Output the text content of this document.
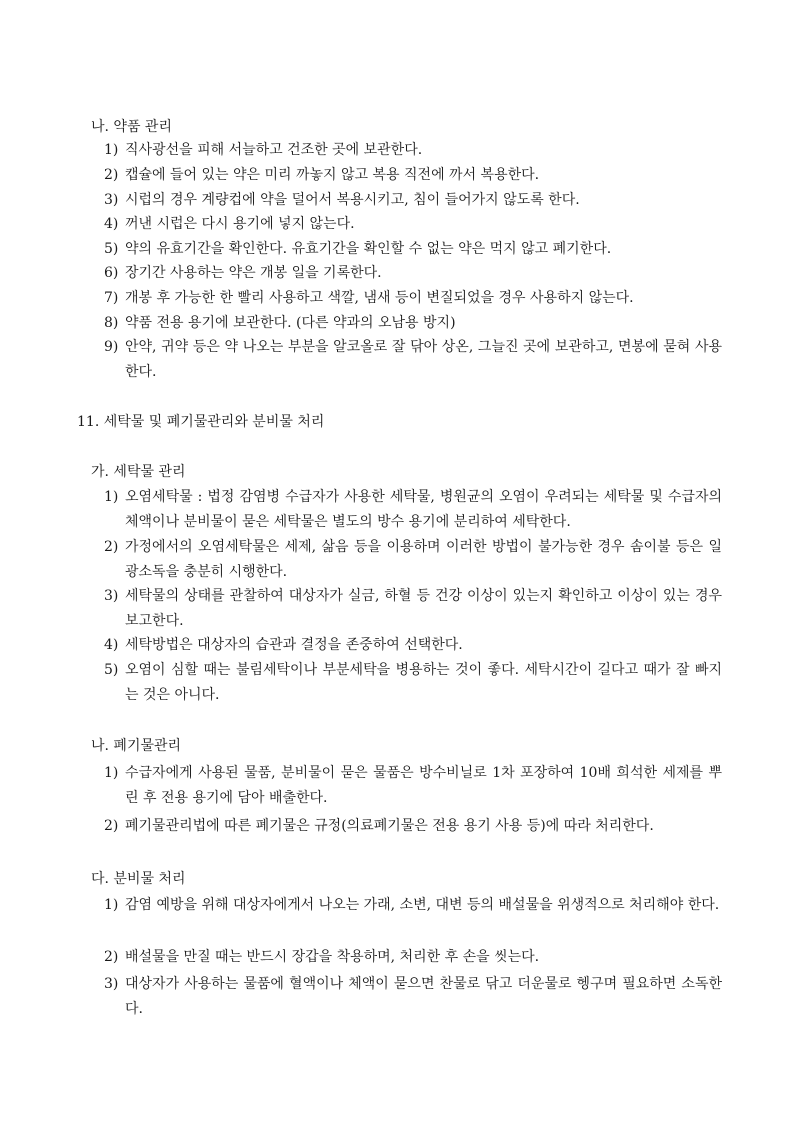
나. 약품 관리
1) 직사광선을 피해 서늘하고 건조한 곳에 보관한다.
2) 캡슐에 들어 있는 약은 미리 까놓지 않고 복용 직전에 까서 복용한다.
3) 시럽의 경우 계량컵에 약을 덜어서 복용시키고, 침이 들어가지 않도록 한다.
4) 꺼낸 시럽은 다시 용기에 넣지 않는다.
5) 약의 유효기간을 확인한다. 유효기간을 확인할 수 없는 약은 먹지 않고 폐기한다.
6) 장기간 사용하는 약은 개봉 일을 기록한다.
7) 개봉 후 가능한 한 빨리 사용하고 색깔, 냄새 등이 변질되었을 경우 사용하지 않는다.
8) 약품 전용 용기에 보관한다. (다른 약과의 오남용 방지)
9) 안약, 귀약 등은 약 나오는 부분을 알코올로 잘 닦아 상온, 그늘진 곳에 보관하고, 면봉에 묻혀 사용한다.
11. 세탁물 및 폐기물관리와 분비물 처리
가. 세탁물 관리
1) 오염세탁물 : 법정 감염병 수급자가 사용한 세탁물, 병원균의 오염이 우려되는 세탁물 및 수급자의 체액이나 분비물이 묻은 세탁물은 별도의 방수 용기에 분리하여 세탁한다.
2) 가정에서의 오염세탁물은 세제, 삶음 등을 이용하며 이러한 방법이 불가능한 경우 솜이불 등은 일광소독을 충분히 시행한다.
3) 세탁물의 상태를 관찰하여 대상자가 실금, 하혈 등 건강 이상이 있는지 확인하고 이상이 있는 경우 보고한다.
4) 세탁방법은 대상자의 습관과 결정을 존중하여 선택한다.
5) 오염이 심할 때는 불림세탁이나 부분세탁을 병용하는 것이 좋다. 세탁시간이 길다고 때가 잘 빠지는 것은 아니다.
나. 폐기물관리
1) 수급자에게 사용된 물품, 분비물이 묻은 물품은 방수비닐로 1차 포장하여 10배 희석한 세제를 뿌린 후 전용 용기에 담아 배출한다.
2) 폐기물관리법에 따른 폐기물은 규정(의료폐기물은 전용 용기 사용 등)에 따라 처리한다.
다. 분비물 처리
1) 감염 예방을 위해 대상자에게서 나오는 가래, 소변, 대변 등의 배설물을 위생적으로 처리해야 한다.
2) 배설물을 만질 때는 반드시 장갑을 착용하며, 처리한 후 손을 씻는다.
3) 대상자가 사용하는 물품에 혈액이나 체액이 묻으면 찬물로 닦고 더운물로 헹구며 필요하면 소독한다.
